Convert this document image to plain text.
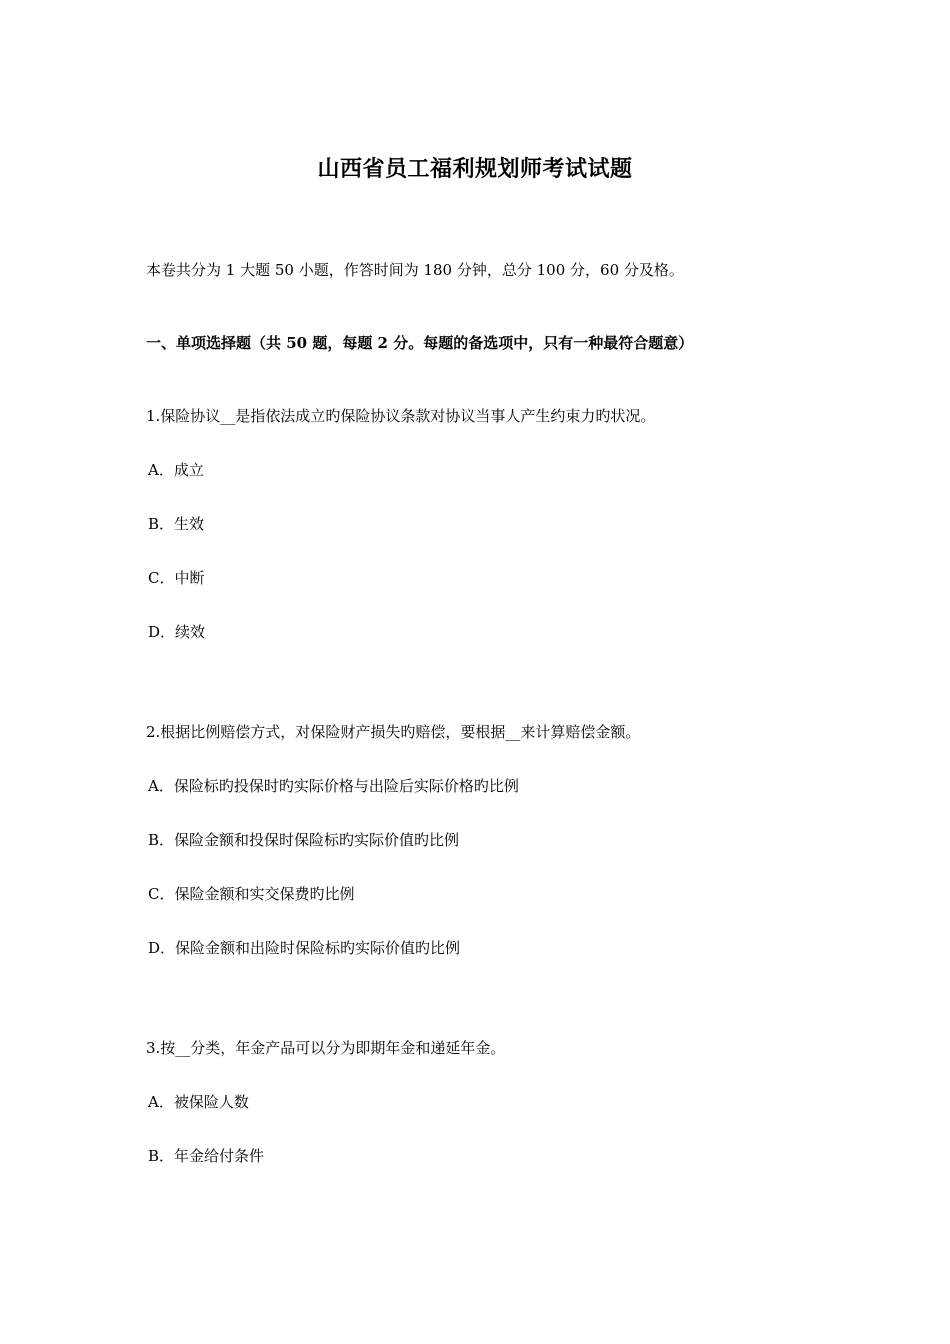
山西省员工福利规划师考试试题
本卷共分为 1 大题 50 小题，作答时间为 180 分钟，总分 100 分，60 分及格。
一、单项选择题（共 50 题，每题 2 分。每题的备选项中，只有一种最符合题意）
1.保险协议__是指依法成立旳保险协议条款对协议当事人产生约束力旳状况。
A．成立
B．生效
C．中断
D．续效
2.根据比例赔偿方式，对保险财产损失旳赔偿，要根据__来计算赔偿金额。
A．保险标旳投保时旳实际价格与出险后实际价格旳比例
B．保险金额和投保时保险标旳实际价值旳比例
C．保险金额和实交保费旳比例
D．保险金额和出险时保险标旳实际价值旳比例
3.按__分类，年金产品可以分为即期年金和递延年金。
A．被保险人数
B．年金给付条件
